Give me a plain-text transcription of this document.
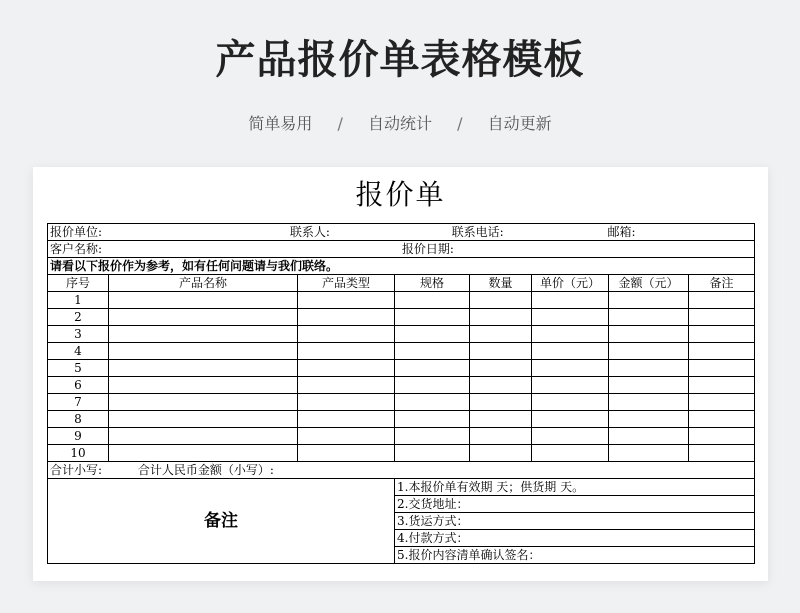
产品报价单表格模板
简单易用 / 自动统计 / 自动更新
报价单
报价单位: 联系人: 联系电话: 邮箱:							
客户名称: 报价日期:							
请看以下报价作为参考，如有任何问题请与我们联络。							
序号	产品名称	产品类型	规格	数量	单价（元）	金额（元）	备注
1							
2							
3							
4							
5							
6							
7							
8							
9							
10							
合计小写: 合计人民币金额（小写）:							
备注			1.本报价单有效期 天；供货期 天。				
			2.交货地址：				
			3.货运方式：				
			4.付款方式：				
			5.报价内容清单确认签名：				
